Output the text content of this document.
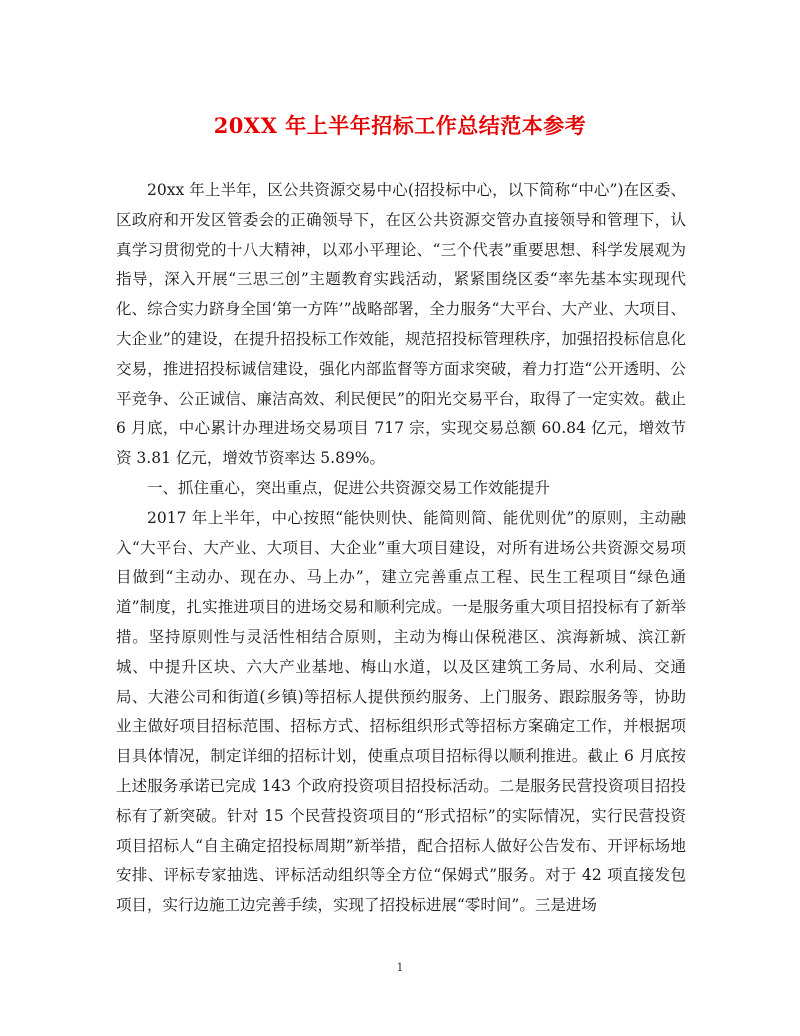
20XX 年上半年招标工作总结范本参考

20xx 年上半年，区公共资源交易中心(招投标中心，以下简称“中心”)在区委、区政府和开发区管委会的正确领导下，在区公共资源交管办直接领导和管理下，认真学习贯彻党的十八大精神，以邓小平理论、“三个代表”重要思想、科学发展观为指导，深入开展“三思三创”主题教育实践活动，紧紧围绕区委“率先基本实现现代化、综合实力跻身全国‘第一方阵’”战略部署，全力服务“大平台、大产业、大项目、大企业”的建设，在提升招投标工作效能，规范招投标管理秩序，加强招投标信息化交易，推进招投标诚信建设，强化内部监督等方面求突破，着力打造“公开透明、公平竞争、公正诚信、廉洁高效、利民便民”的阳光交易平台，取得了一定实效。截止 6 月底，中心累计办理进场交易项目 717 宗，实现交易总额 60.84 亿元，增效节资 3.81 亿元，增效节资率达 5.89%。

一、抓住重心，突出重点，促进公共资源交易工作效能提升

2017 年上半年，中心按照“能快则快、能简则简、能优则优”的原则，主动融入“大平台、大产业、大项目、大企业”重大项目建设，对所有进场公共资源交易项目做到“主动办、现在办、马上办”，建立完善重点工程、民生工程项目“绿色通道”制度，扎实推进项目的进场交易和顺利完成。一是服务重大项目招投标有了新举措。坚持原则性与灵活性相结合原则，主动为梅山保税港区、滨海新城、滨江新城、中提升区块、六大产业基地、梅山水道，以及区建筑工务局、水利局、交通局、大港公司和街道(乡镇)等招标人提供预约服务、上门服务、跟踪服务等，协助业主做好项目招标范围、招标方式、招标组织形式等招标方案确定工作，并根据项目具体情况，制定详细的招标计划，使重点项目招标得以顺利推进。截止 6 月底按上述服务承诺已完成 143 个政府投资项目招投标活动。二是服务民营投资项目招投标有了新突破。针对 15 个民营投资项目的“形式招标”的实际情况，实行民营投资项目招标人“自主确定招投标周期”新举措，配合招标人做好公告发布、开评标场地安排、评标专家抽选、评标活动组织等全方位“保姆式”服务。对于 42 项直接发包项目，实行边施工边完善手续，实现了招投标进展“零时间”。三是进场

1
